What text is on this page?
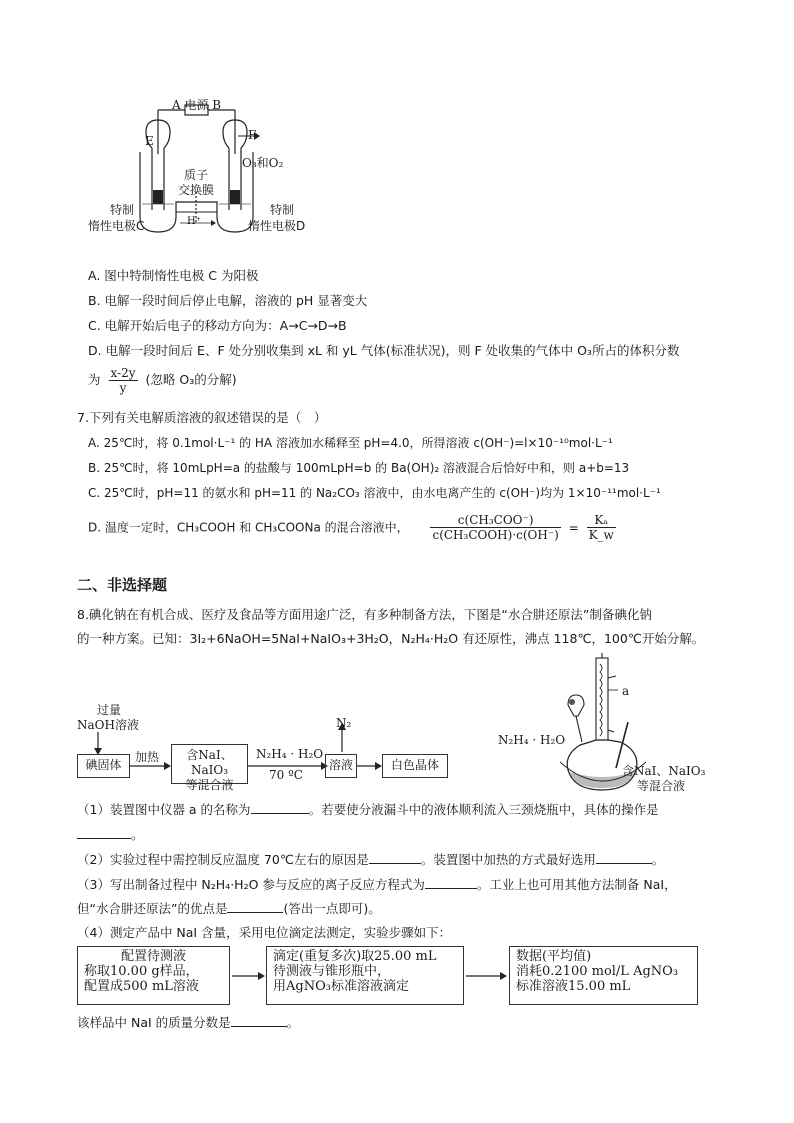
A 电源 B
E	F
O₃和O₂
质子
交换膜
特制
惰性电极C
特制
惰性电极D
H⁺
A. 图中特制惰性电极 C 为阳极
B. 电解一段时间后停止电解，溶液的 pH 显著变大
C. 电解开始后电子的移动方向为：A→C→D→B
D. 电解一段时间后 E、F 处分别收集到 xL 和 yL 气体(标准状况)，则 F 处收集的气体中 O₃所占的体积分数
为 $\frac{x-2y}{y}$ (忽略 O₃的分解)
7.下列有关电解质溶液的叙述错误的是（　）
A. 25℃时，将 0.1mol·L⁻¹ 的 HA 溶液加水稀释至 pH=4.0，所得溶液 c(OH⁻)=l×10⁻¹⁰mol·L⁻¹
B. 25℃时，将 10mLpH=a 的盐酸与 100mLpH=b 的 Ba(OH)₂ 溶液混合后恰好中和，则 a+b=13
C. 25℃时，pH=11 的氨水和 pH=11 的 Na₂CO₃ 溶液中，由水电离产生的 c(OH⁻)均为 1×10⁻¹¹mol·L⁻¹
D. 温度一定时，CH₃COOH 和 CH₃COONa 的混合溶液中， $\frac{\text{c(CH₃COO⁻)}}{\text{c(CH₃COOH)·c(OH⁻)}} = \frac{\text{Kₐ}}{K\_w}$
二、非选择题
8.碘化钠在有机合成、医疗及食品等方面用途广泛，有多种制备方法，下图是“水合肼还原法”制备碘化钠
的一种方案。已知：3I₂+6NaOH=5NaI+NaIO₃+3H₂O，N₂H₄·H₂O 有还原性，沸点 118℃，100℃开始分解。
过量
NaOH溶液
碘固体
加热	含NaI、NaIO₃
等混合液
N₂H₄ · H₂O
70 ºC
N₂
溶液	白色晶体
a
N₂H₄ · H₂O
含NaI、NaIO₃
等混合液
（1）装置图中仪器 a 的名称为	。若要使分液漏斗中的液体顺利流入三颈烧瓶中，具体的操作是
。
（2）实验过程中需控制反应温度 70℃左右的原因是	。装置图中加热的方式最好选用	。
（3）写出制备过程中 N₂H₄·H₂O 参与反应的离子反应方程式为	。工业上也可用其他方法制备 NaI，
但“水合肼还原法”的优点是	(答出一点即可)。
（4）测定产品中 NaI 含量，采用电位滴定法测定，实验步骤如下：
配置待测液
称取10.00 g样品，
配置成500 mL溶液
滴定(重复多次)取25.00 mL
待测液与锥形瓶中，
用AgNO₃标准溶液滴定
数据(平均值)
消耗0.2100 mol/L AgNO₃
标准溶液15.00 mL
该样品中 NaI 的质量分数是	。
